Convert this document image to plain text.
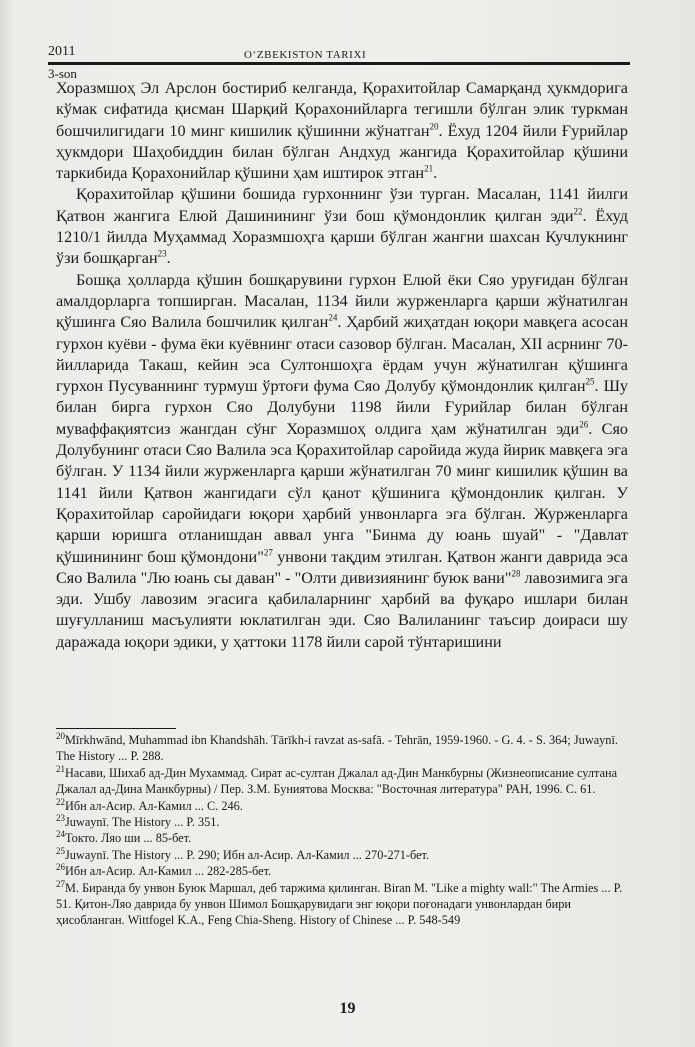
2011	O‘ZBEKISTON TARIXI
3-son

Хоразмшоҳ Эл Арслон бостириб келганда, Қорахитойлар Самарқанд ҳукмдорига кўмак сифатида қисман Шарқий Қорахонийларга тегишли бўлган элик туркман бошчилигидаги 10 минг кишилик қўшинни жўнатган$^{20}$. Ёхуд 1204 йили Ғурийлар ҳукмдори Шаҳобиддин билан бўлган Андхуд жангида Қорахитойлар қўшини таркибида Қорахонийлар қўшини ҳам иштирок этган$^{21}$.

Қорахитойлар қўшини бошида гурхоннинг ўзи турган. Масалан, 1141 йилги Қатвон жангига Елюй Дашинининг ўзи бош қўмондонлик қилган эди$^{22}$. Ёхуд 1210/1 йилда Муҳаммад Хоразмшоҳга қарши бўлган жангни шахсан Кучлукнинг ўзи бошқарган$^{23}$.

Бошқа ҳолларда қўшин бошқарувини гурхон Елюй ёки Сяо уруғидан бўлган амалдорларга топширган. Масалан, 1134 йили журженларга қарши жўнатилган қўшинга Сяо Валила бошчилик қилган$^{24}$. Ҳарбий жиҳатдан юқори мавқега асосан гурхон куёви - фума ёки куёвнинг отаси сазовор бўлган. Масалан, XII асрнинг 70-йилларида Такаш, кейин эса Султоншоҳга ёрдам учун жўнатилган қўшинга гурхон Пусуваннинг турмуш ўртоғи фума Сяо Долубу қўмондонлик қилган$^{25}$. Шу билан бирга гурхон Сяо Долубуни 1198 йили Ғурийлар билан бўлган муваффақиятсиз жангдан сўнг Хоразмшоҳ олдига ҳам жўнатилган эди$^{26}$. Сяо Долубунинг отаси Сяо Валила эса Қорахитойлар саройида жуда йирик мавқега эга бўлган. У 1134 йили журженларга қарши жўнатилган 70 минг кишилик қўшин ва 1141 йили Қатвон жангидаги сўл қанот қўшинига қўмондонлик қилган. У Қорахитойлар саройидаги юқори ҳарбий унвонларга эга бўлган. Журженларга қарши юришга отланишдан аввал унга "Бинма ду юань шуай" - "Давлат қўшинининг бош қўмондони"$^{27}$ унвони тақдим этилган. Қатвон жанги даврида эса Сяо Валила "Лю юань сы даван" - "Олти дивизиянинг буюк вани"$^{28}$ лавозимига эга эди. Ушбу лавозим эгасига қабилаларнинг ҳарбий ва фуқаро ишлари билан шуғулланиш масъулияти юклатилган эди. Сяо Валиланинг таъсир доираси шу даражада юқори эдики, у ҳаттоки 1178 йили сарой тўнтаришини

$^{20}$Mīrkhwānd, Muhammad ibn Khandshāh. Tārīkh-i ravzat as-safā. - Tehrān, 1959-1960. - G. 4. - S. 364; Juwaynī. The History ... P. 288.

$^{21}$Насави, Шихаб ад-Дин Мухаммад. Сират ас-султан Джалал ад-Дин Манкбурны (Жизнеописание султана Джалал ад-Дина Манкбурны) / Пер. З.М. Буниятова Москва: "Восточная литература" РАН, 1996. С. 61.

$^{22}$Ибн ал-Асир. Ал-Камил ... С. 246.

$^{23}$Juwaynī. The History ... P. 351.

$^{24}$Токто. Ляо ши ... 85-бет.

$^{25}$Juwaynī. The History ... P. 290; Ибн ал-Асир. Ал-Камил ... 270-271-бет.

$^{26}$Ибн ал-Асир. Ал-Камил ... 282-285-бет.

$^{27}$М. Биранда бу унвон Буюк Маршал, деб таржима қилинган. Biran M. "Like a mighty wall:" The Armies ... P. 51. Қитон-Ляо даврида бу унвон Шимол Бошқарувидаги энг юқори поғонадаги унвонлардан бири ҳисобланган. Wittfogel K.A., Feng Chia-Sheng. History of Chinese ... P. 548-549

19
